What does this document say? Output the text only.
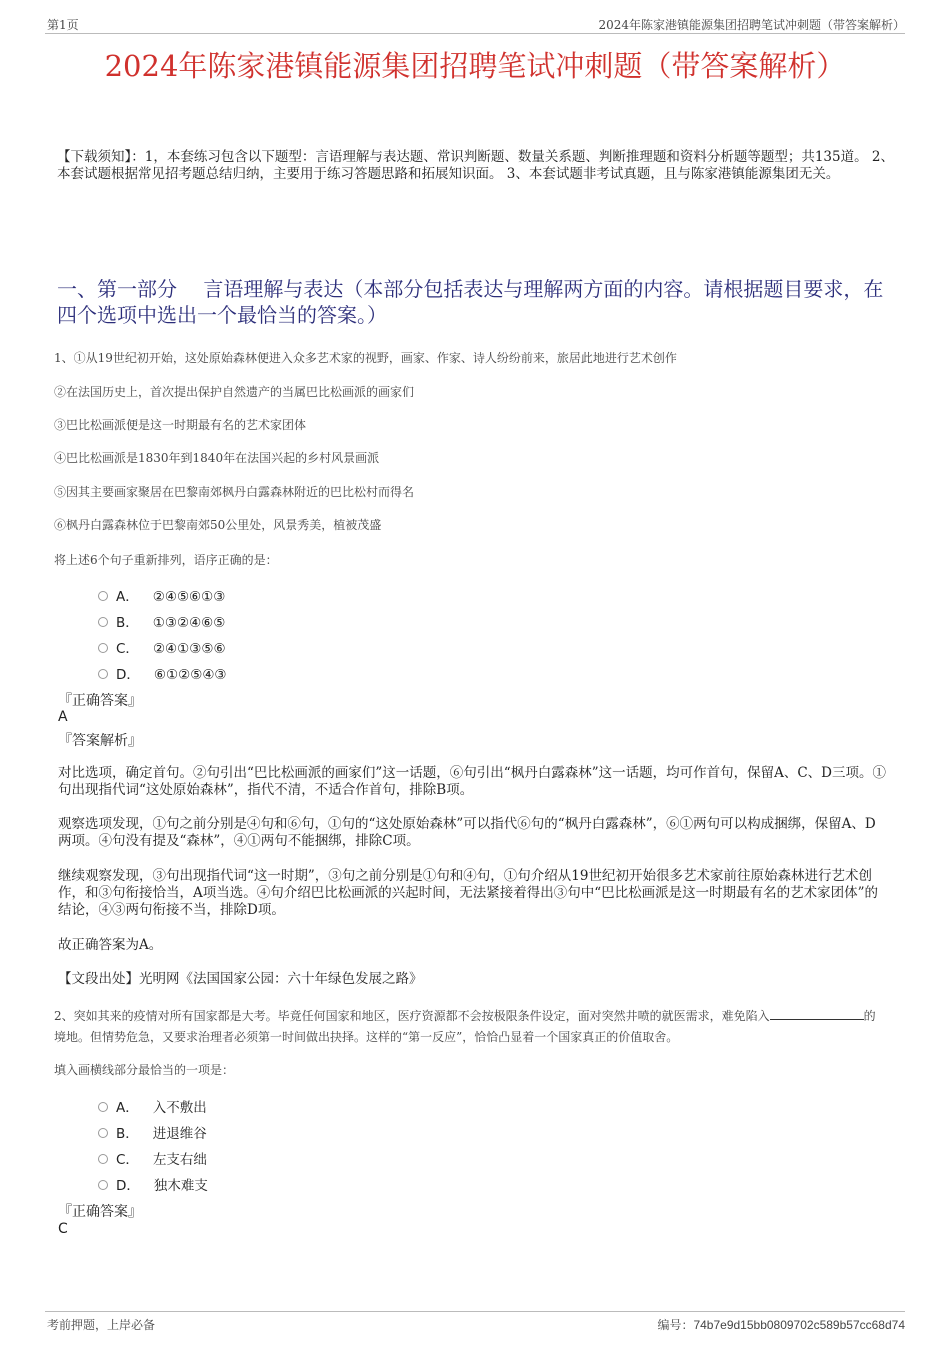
第1页	2024年陈家港镇能源集团招聘笔试冲刺题（带答案解析）
2024年陈家港镇能源集团招聘笔试冲刺题（带答案解析）
【下载须知】：1，本套练习包含以下题型：言语理解与表达题、常识判断题、数量关系题、判断推理题和资料分析题等题型；共135道。 2、本套试题根据常见招考题总结归纳，主要用于练习答题思路和拓展知识面。 3、本套试题非考试真题，且与陈家港镇能源集团无关。
一、第一部分　 言语理解与表达（本部分包括表达与理解两方面的内容。请根据题目要求，在四个选项中选出一个最恰当的答案。）
1、①从19世纪初开始，这处原始森林便进入众多艺术家的视野，画家、作家、诗人纷纷前来，旅居此地进行艺术创作
②在法国历史上，首次提出保护自然遗产的当属巴比松画派的画家们
③巴比松画派便是这一时期最有名的艺术家团体
④巴比松画派是1830年到1840年在法国兴起的乡村风景画派
⑤因其主要画家聚居在巴黎南郊枫丹白露森林附近的巴比松村而得名
⑥枫丹白露森林位于巴黎南郊50公里处，风景秀美，植被茂盛
将上述6个句子重新排列，语序正确的是：
A． ②④⑤⑥①③
B． ①③②④⑥⑤
C． ②④①③⑤⑥
D． ⑥①②⑤④③
『正确答案』
A
『答案解析』
对比选项，确定首句。②句引出“巴比松画派的画家们”这一话题，⑥句引出“枫丹白露森林”这一话题，均可作首句，保留A、C、D三项。①句出现指代词“这处原始森林”，指代不清，不适合作首句，排除B项。
观察选项发现，①句之前分别是④句和⑥句，①句的“这处原始森林”可以指代⑥句的“枫丹白露森林”，⑥①两句可以构成捆绑，保留A、D两项。④句没有提及“森林”，④①两句不能捆绑，排除C项。
继续观察发现，③句出现指代词“这一时期”，③句之前分别是①句和④句，①句介绍从19世纪初开始很多艺术家前往原始森林进行艺术创作，和③句衔接恰当，A项当选。④句介绍巴比松画派的兴起时间，无法紧接着得出③句中“巴比松画派是这一时期最有名的艺术家团体”的结论，④③两句衔接不当，排除D项。
故正确答案为A。
【文段出处】光明网《法国国家公园：六十年绿色发展之路》
2、突如其来的疫情对所有国家都是大考。毕竟任何国家和地区，医疗资源都不会按极限条件设定，面对突然井喷的就医需求，难免陷入	的境地。但情势危急，又要求治理者必须第一时间做出抉择。这样的“第一反应”，恰恰凸显着一个国家真正的价值取舍。
填入画横线部分最恰当的一项是：
A． 入不敷出
B． 进退维谷
C． 左支右绌
D． 独木难支
『正确答案』
C
考前押题，上岸必备	编号：74b7e9d15bb0809702c589b57cc68d74
